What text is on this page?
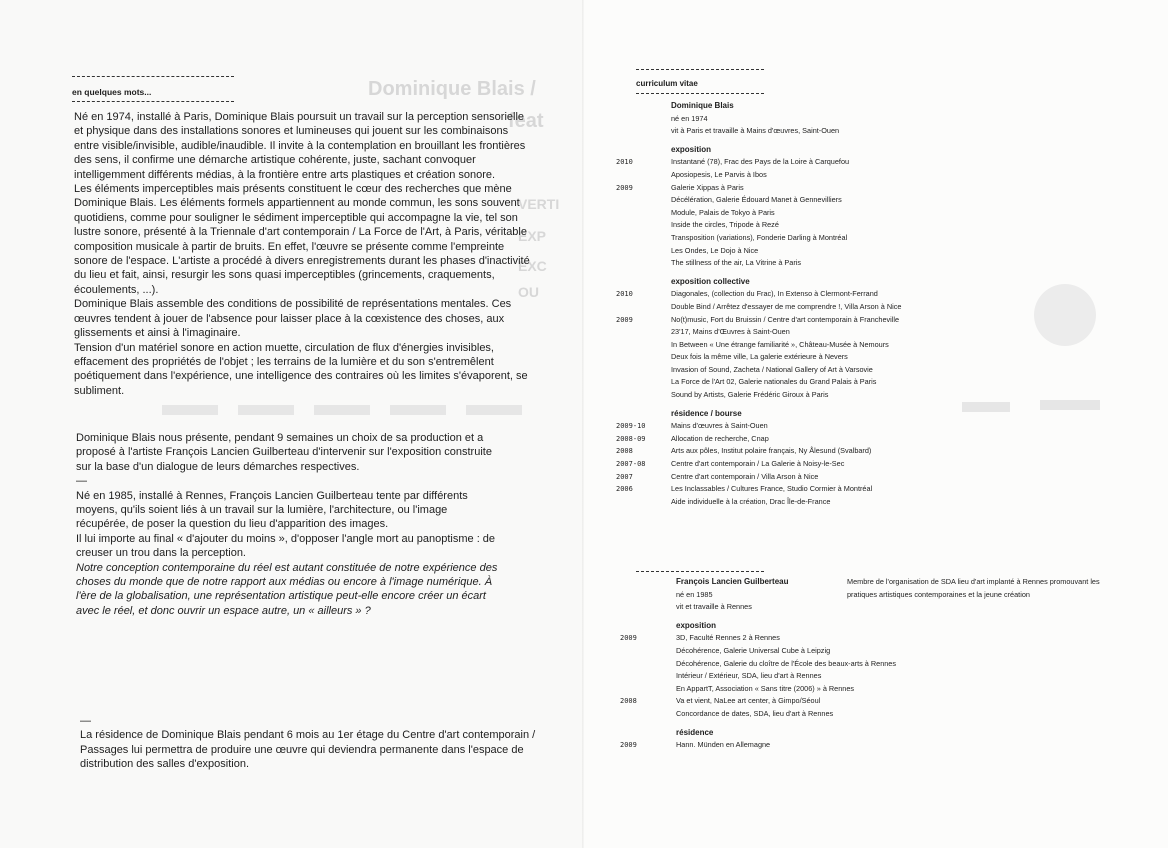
en quelques mots...	Dominique Blais /
feat
VERTI
EXP
EXC
OU

Né en 1974, installé à Paris, Dominique Blais poursuit un travail sur la perception sensorielle et physique dans des installations sonores et lumineuses qui jouent sur les combinaisons entre visible/invisible, audible/inaudible. Il invite à la contemplation en brouillant les frontières des sens, il confirme une démarche artistique cohérente, juste, sachant convoquer intelligemment différents médias, à la frontière entre arts plastiques et création sonore.

Les éléments imperceptibles mais présents constituent le cœur des recherches que mène Dominique Blais. Les éléments formels appartiennent au monde commun, les sons souvent quotidiens, comme pour souligner le sédiment imperceptible qui accompagne la vie, tel son lustre sonore, présenté à la Triennale d'art contemporain / La Force de l'Art, à Paris, véritable composition musicale à partir de bruits. En effet, l'œuvre se présente comme l'empreinte sonore de l'espace. L'artiste a procédé à divers enregistrements durant les phases d'inactivité du lieu et fait, ainsi, resurgir les sons quasi imperceptibles (grincements, craquements, écoulements, ...).

Dominique Blais assemble des conditions de possibilité de représentations mentales. Ces œuvres tendent à jouer de l'absence pour laisser place à la cœxistence des choses, aux glissements et ainsi à l'imaginaire.

Tension d'un matériel sonore en action muette, circulation de flux d'énergies invisibles, effacement des propriétés de l'objet ; les terrains de la lumière et du son s'entremêlent poétiquement dans l'expérience, une intelligence des contraires où les limites s'évaporent, se subliment.

Dominique Blais nous présente, pendant 9 semaines un choix de sa production et a proposé à l'artiste François Lancien Guilberteau d'intervenir sur l'exposition construite sur la base d'un dialogue de leurs démarches respectives.

—

Né en 1985, installé à Rennes, François Lancien Guilberteau tente par différents moyens, qu'ils soient liés à un travail sur la lumière, l'architecture, ou l'image récupérée, de poser la question du lieu d'apparition des images.

Il lui importe au final « d'ajouter du moins », d'opposer l'angle mort au panoptisme : de creuser un trou dans la perception.

Notre conception contemporaine du réel est autant constituée de notre expérience des choses du monde que de notre rapport aux médias ou encore à l'image numérique. À l'ère de la globalisation, une représentation artistique peut-elle encore créer un écart avec le réel, et donc ouvrir un espace autre, un « ailleurs » ?

—

La résidence de Dominique Blais pendant 6 mois au 1er étage du Centre d'art contemporain / Passages lui permettra de produire une œuvre qui deviendra permanente dans l'espace de distribution des salles d'exposition.

curriculum vitae
Dominique Blais
né en 1974
vit à Paris et travaille à Mains d'œuvres, Saint-Ouen
exposition
2010	Instantané (78), Frac des Pays de la Loire à Carquefou
Aposiopesis, Le Parvis à Ibos
2009	Galerie Xippas à Paris
Décélération, Galerie Édouard Manet à Gennevilliers
Module, Palais de Tokyo à Paris
Inside the circles, Tripode à Rezé
Transposition (variations), Fonderie Darling à Montréal
Les Ondes, Le Dojo à Nice
The stillness of the air, La Vitrine à Paris
exposition collective
2010	Diagonales, (collection du Frac), In Extenso à Clermont-Ferrand
Double Bind / Arrêtez d'essayer de me comprendre !, Villa Arson à Nice
2009	No(t)music, Fort du Bruissin / Centre d'art contemporain à Francheville
23'17, Mains d'Œuvres à Saint-Ouen
In Between « Une étrange familiarité », Château-Musée à Nemours
Deux fois la même ville, La galerie extérieure à Nevers
Invasion of Sound, Zacheta / National Gallery of Art à Varsovie
La Force de l'Art 02, Galerie nationales du Grand Palais à Paris
Sound by Artists, Galerie Frédéric Giroux à Paris
résidence / bourse
2009-10	Mains d'œuvres à Saint-Ouen
2008-09	Allocation de recherche, Cnap
2008	Arts aux pôles, Institut polaire français, Ny Ålesund (Svalbard)
2007-08	Centre d'art contemporain / La Galerie à Noisy-le-Sec
2007	Centre d'art contemporain / Villa Arson à Nice
2006	Les Inclassables / Cultures France, Studio Cormier à Montréal
Aide individuelle à la création, Drac Île-de-France
François Lancien Guilberteau
né en 1985
vit et travaille à Rennes
Membre de l'organisation de SDA lieu d'art implanté à Rennes promouvant les pratiques artistiques contemporaines et la jeune création
exposition
2009	3D, Faculté Rennes 2 à Rennes
Décohérence, Galerie Universal Cube à Leipzig
Décohérence, Galerie du cloître de l'École des beaux-arts à Rennes
Intérieur / Extérieur, SDA, lieu d'art à Rennes
En AppartT, Association « Sans titre (2006) » à Rennes
2008	Va et vient, NaLee art center, à Gimpo/Séoul
Concordance de dates, SDA, lieu d'art à Rennes
résidence
2009	Hann. Münden en Allemagne
